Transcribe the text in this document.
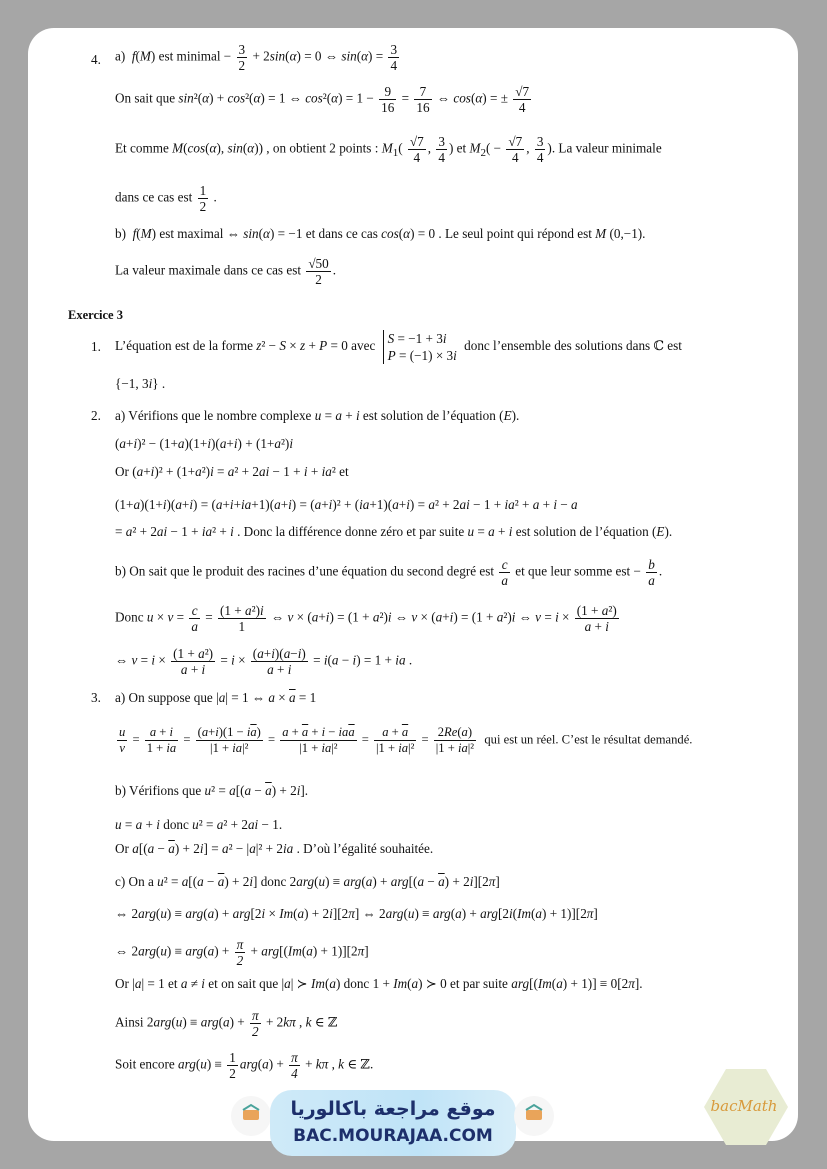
4. a) f(M) est minimal − $\frac{3}{2} + 2\sin(\alpha) = 0$ ⇔ $\sin(\alpha) = \frac{3}{4}$
On sait que sin²(α) + cos²(α) = 1 ⇔ $\cos^2(\alpha) = 1 - \frac{9}{16} = \frac{7}{16}$ ⇔ cos(α) = ± $\frac{√7}{4}$
Et comme M(cos(α), sin(α)) , on obtient 2 points : $M_1( \frac{√7}{4}$ , $\frac{3}{4}$ ) et $M_2( - \frac{√7}{4}$ , $\frac{3}{4}$ ). La valeur minimale
dans ce cas est $\frac{1}{2}$ .
b)  f(M) est maximal ⇔ sin(α) = −1 et dans ce cas cos(α) = 0 . Le seul point qui répond est M (0,−1).
La valeur maximale dans ce cas est $\frac{√50}{2}$ .
Exercice 3
1. L’équation est de la forme z² − S × z + P = 0 avec S = −1 + 3i
P = (−1) × 3i donc l’ensemble des solutions dans ℂ est
{−1, 3i} .
2. a) Vérifions que le nombre complexe u = a + i est solution de l’équation (E).
(a+i)² − (1+a)(1+i)(a+i) + (1+a²)i
Or (a+i)² + (1+a²)i = a² + 2ai − 1 + i + ia² et
(1+a)(1+i)(a+i) = (a+i+ia+1)(a+i) = (a+i)² + (ia+1)(a+i) = a² + 2ai − 1 + ia² + a + i − a
= a² + 2ai − 1 + ia² + i . Donc la différence donne zéro et par suite u = a + i est solution de l’équation (E).
b) On sait que le produit des racines d’une équation du second degré est $\frac{c}{a}$ et que leur somme est − $\frac{b}{a}$ .
Donc $u \times v = \frac{c}{a} = \frac{\text{(1 + a²)i}}{1}$ ⇔ v × (a+i) = (1 + a²)i ⇔ v × (a+i) = (1 + a²)i ⇔ $v = i \times \frac{\text{(1 + a²)}}{a + i}$
⇔ $v = i \times \frac{\text{(1 + a²)}}{a + i} = i \times \frac{(a+i)(a-i)}{a + i} = i(a - i) = 1$ + ia .
3. a) On suppose que |a| = 1 ⇔ $a \times \overline{a} = 1$
$\frac{u}{v} = \frac{a + i}{1 + ia} = \frac{(a+i)(1 - i\overline{a})}{\text{|1 + ia|²}} = \frac{a + \overline{a} + i - ia\overline{a}}{\text{|1 + ia|²}} = \frac{a + \overline{a}}{\text{|1 + ia|²}} = \frac{2Re(a)}{\text{|1 + ia|²}}$ qui est un réel. C’est le résultat demandé.
b) Vérifions que $u^2 = a[(a - \overline{a}) + 2i]$.
u = a + i donc u² = a² + 2ai − 1.
Or $a[(a - \overline{a}) + 2i] = a^2 - |a|^2 + 2ia$ . D’où l’égalité souhaitée.
c) On a $u^2 = a[(a - \overline{a}) + 2i]$ donc $2arg(u) \equiv arg(a) + arg[(a - \overline{a}) + 2i][2\pi]$
⇔ 2arg(u) ≡ arg(a) + arg[2i × Im(a) + 2i][2π] ⇔ 2arg(u) ≡ arg(a) + arg[2i(Im(a) + 1)][2π]
⇔ $2arg(u) \equiv arg(a) + \frac{\pi}{2} + arg[(Im(a) + 1)][2\pi]$
Or |a| = 1 et a ≠ i et on sait que |a| ≻ Im(a) donc 1 + Im(a) ≻ 0 et par suite arg[(Im(a) + 1)] ≡ 0[2π].
Ainsi $2arg(u) \equiv arg(a) + \frac{\pi}{2} + 2k\pi$ , k ∈ ℤ
Soit encore $arg(u) \equiv \frac{1}{2} arg(a) + \frac{\pi}{4} + k\pi$ , k ∈ ℤ.
موقع مراجعة باكالوريا
BAC.MOURAJAA.COM
bacMath
